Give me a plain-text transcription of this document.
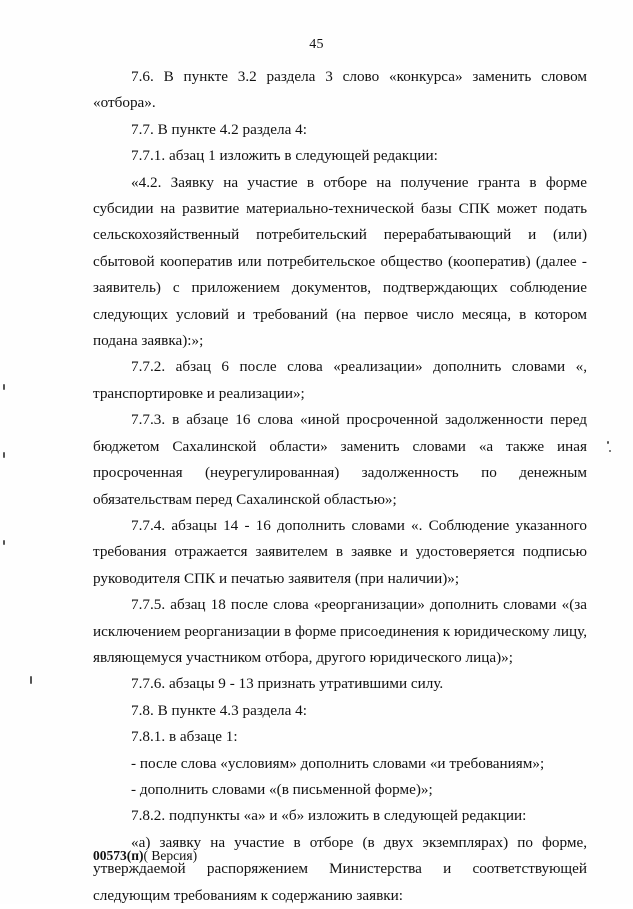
45

7.6. В пункте 3.2 раздела 3 слово «конкурса» заменить словом «отбора».

7.7. В пункте 4.2 раздела 4:

7.7.1. абзац 1 изложить в следующей редакции:

«4.2. Заявку на участие в отборе на получение гранта в форме субсидии на развитие материально-технической базы СПК может подать сельскохозяйственный потребительский перерабатывающий и (или) сбытовой кооператив или потребительское общество (кооператив) (далее - заявитель) с приложением документов, подтверждающих соблюдение следующих условий и требований (на первое число месяца, в котором подана заявка):»;

7.7.2. абзац 6 после слова «реализации» дополнить словами «, транспортировке и реализации»;

7.7.3. в абзаце 16 слова «иной просроченной задолженности перед бюджетом Сахалинской области» заменить словами «а также иная просроченная (неурегулированная) задолженность по денежным обязательствам перед Сахалинской областью»;

7.7.4. абзацы 14 - 16 дополнить словами «. Соблюдение указанного требования отражается заявителем в заявке и удостоверяется подписью руководителя СПК и печатью заявителя (при наличии)»;

7.7.5. абзац 18 после слова «реорганизации» дополнить словами «(за исключением реорганизации в форме присоединения к юридическому лицу, являющемуся участником отбора, другого юридического лица)»;

7.7.6. абзацы 9 - 13 признать утратившими силу.

7.8. В пункте 4.3 раздела 4:

7.8.1. в абзаце 1:

- после слова «условиям» дополнить словами «и требованиям»;

- дополнить словами «(в письменной форме)»;

7.8.2. подпункты «а» и «б» изложить в следующей редакции:

«а) заявку на участие в отборе (в двух экземплярах) по форме, утверждаемой распоряжением Министерства и соответствующей следующим требованиям к содержанию заявки:

00573(п)( Версия)
